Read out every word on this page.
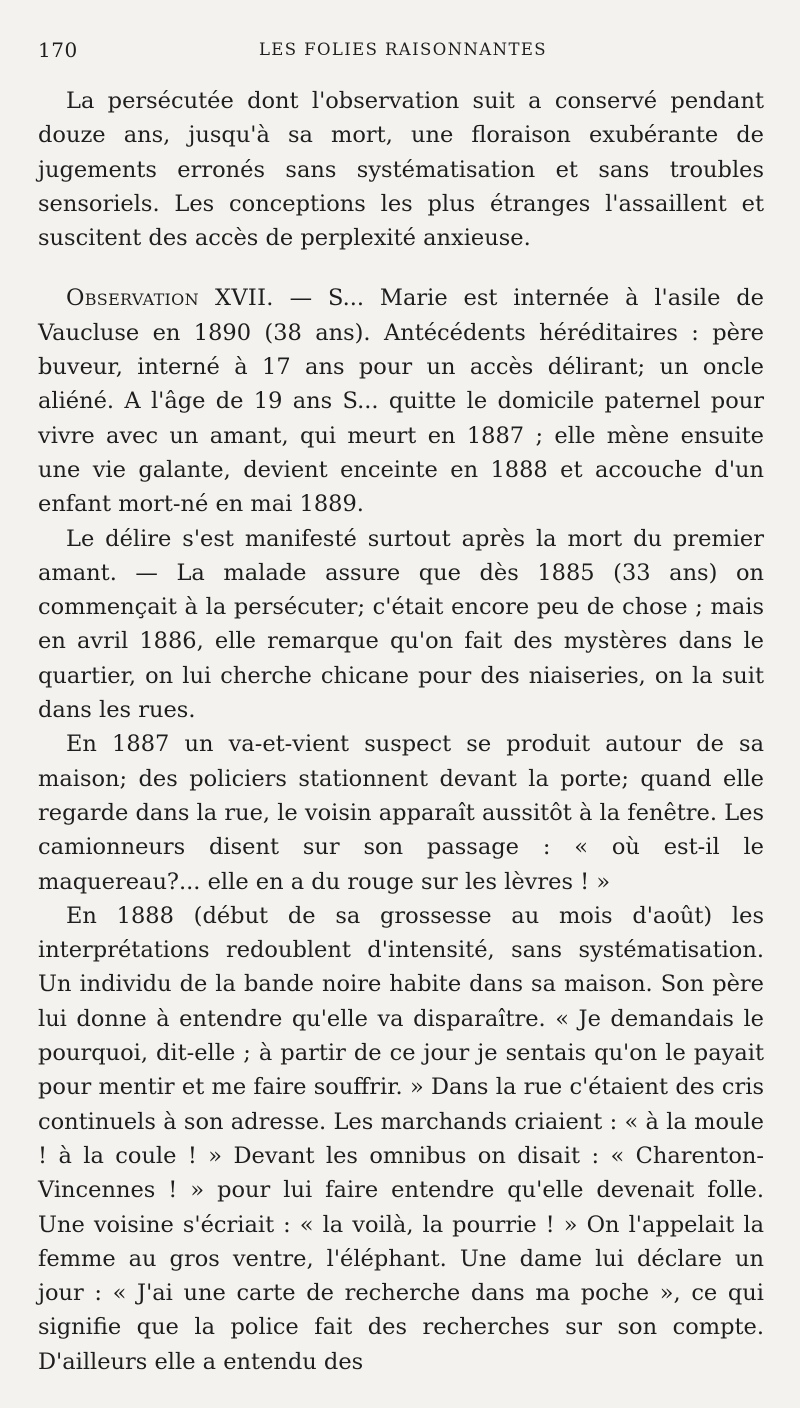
170	LES FOLIES RAISONNANTES

La persécutée dont l'observation suit a conservé pendant douze ans, jusqu'à sa mort, une floraison exubérante de jugements erronés sans systématisation et sans troubles sensoriels. Les conceptions les plus étranges l'assaillent et suscitent des accès de perplexité anxieuse.

Observation XVII. — S... Marie est internée à l'asile de Vaucluse en 1890 (38 ans). Antécédents héréditaires : père buveur, interné à 17 ans pour un accès délirant; un oncle aliéné. A l'âge de 19 ans S... quitte le domicile paternel pour vivre avec un amant, qui meurt en 1887 ; elle mène ensuite une vie galante, devient enceinte en 1888 et accouche d'un enfant mort-né en mai 1889.

Le délire s'est manifesté surtout après la mort du premier amant. — La malade assure que dès 1885 (33 ans) on commençait à la persécuter; c'était encore peu de chose ; mais en avril 1886, elle remarque qu'on fait des mystères dans le quartier, on lui cherche chicane pour des niaiseries, on la suit dans les rues.

En 1887 un va-et-vient suspect se produit autour de sa maison; des policiers stationnent devant la porte; quand elle regarde dans la rue, le voisin apparaît aussitôt à la fenêtre. Les camionneurs disent sur son passage : « où est-il le maquereau?... elle en a du rouge sur les lèvres ! »

En 1888 (début de sa grossesse au mois d'août) les interprétations redoublent d'intensité, sans systématisation. Un individu de la bande noire habite dans sa maison. Son père lui donne à entendre qu'elle va disparaître. « Je demandais le pourquoi, dit-elle ; à partir de ce jour je sentais qu'on le payait pour mentir et me faire souffrir. » Dans la rue c'étaient des cris continuels à son adresse. Les marchands criaient : « à la moule ! à la coule ! » Devant les omnibus on disait : « Charenton-Vincennes ! » pour lui faire entendre qu'elle devenait folle. Une voisine s'écriait : « la voilà, la pourrie ! » On l'appelait la femme au gros ventre, l'éléphant. Une dame lui déclare un jour : « J'ai une carte de recherche dans ma poche », ce qui signifie que la police fait des recherches sur son compte. D'ailleurs elle a entendu des
